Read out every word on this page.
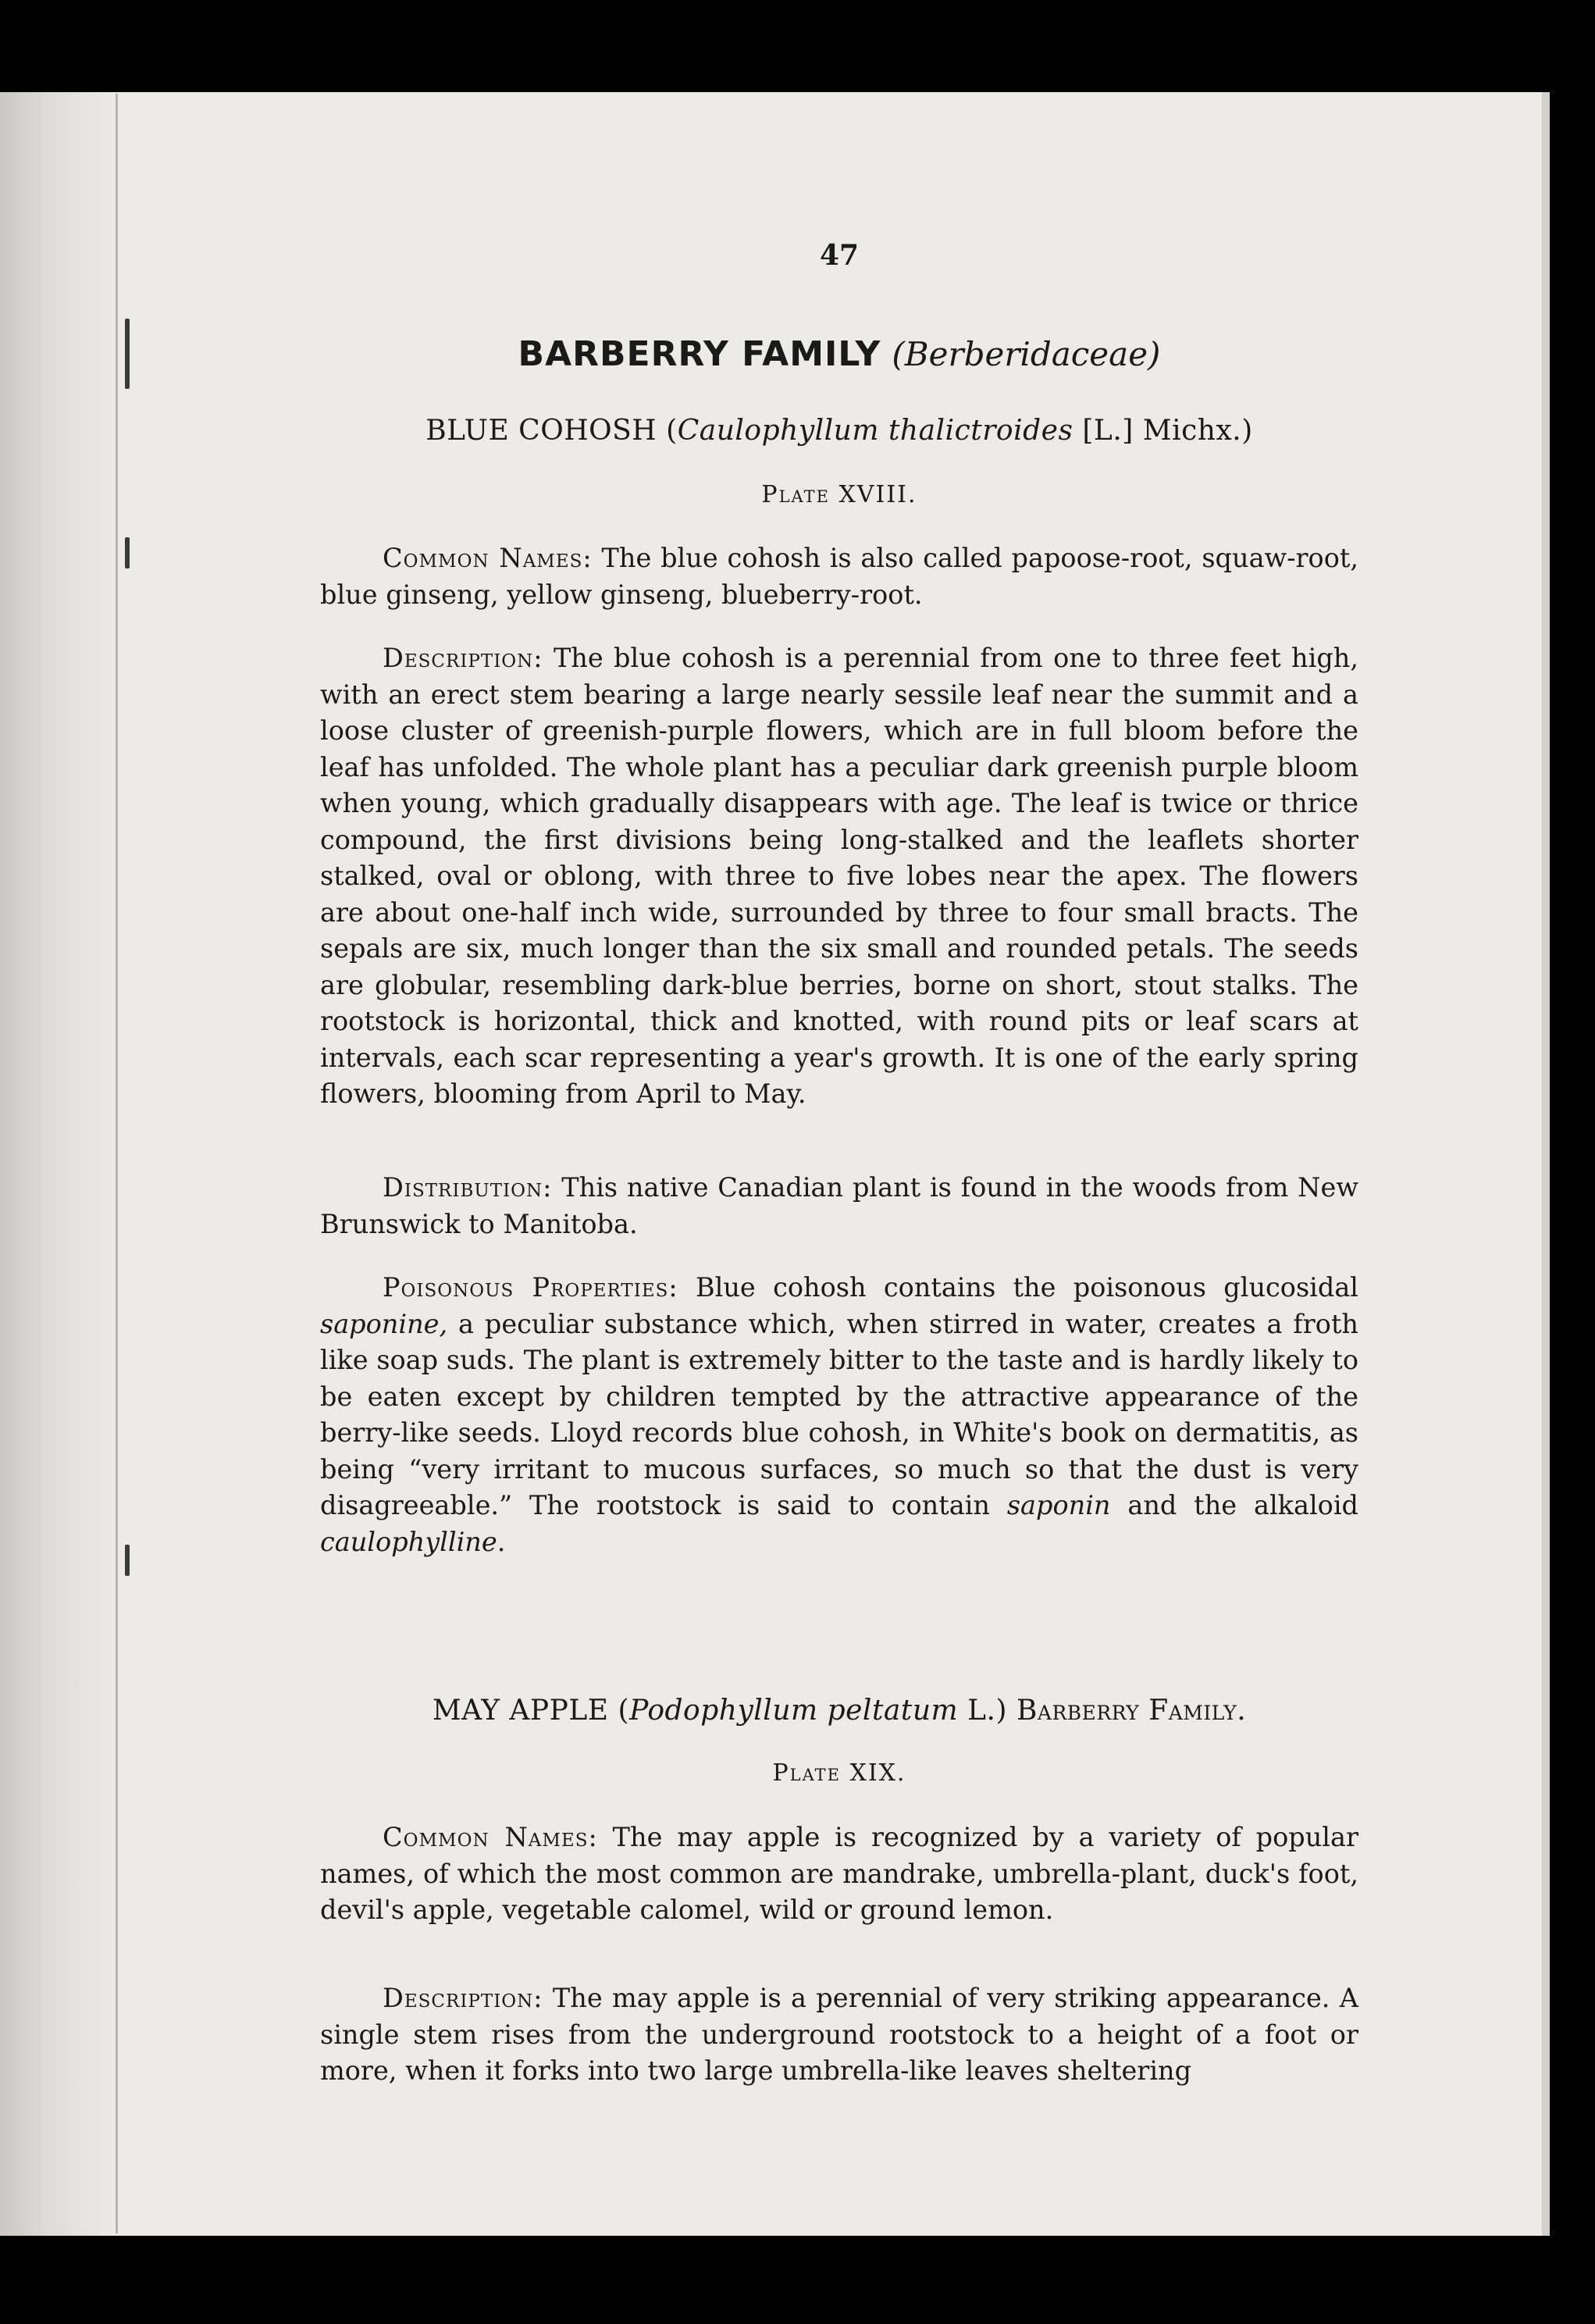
47
BARBERRY FAMILY (Berberidaceae)
BLUE COHOSH (Caulophyllum thalictroides [L.] Michx.)
Plate XVIII.

Common Names: The blue cohosh is also called papoose-root, squaw-root, blue ginseng, yellow ginseng, blueberry-root.

Description: The blue cohosh is a perennial from one to three feet high, with an erect stem bearing a large nearly sessile leaf near the summit and a loose cluster of greenish-purple flowers, which are in full bloom before the leaf has unfolded. The whole plant has a peculiar dark greenish purple bloom when young, which gradually disappears with age. The leaf is twice or thrice compound, the first divisions being long-stalked and the leaflets shorter stalked, oval or oblong, with three to five lobes near the apex. The flowers are about one-half inch wide, surrounded by three to four small bracts. The sepals are six, much longer than the six small and rounded petals. The seeds are globular, resembling dark-blue berries, borne on short, stout stalks. The rootstock is horizontal, thick and knotted, with round pits or leaf scars at intervals, each scar representing a year's growth. It is one of the early spring flowers, blooming from April to May.

Distribution: This native Canadian plant is found in the woods from New Brunswick to Manitoba.

Poisonous Properties: Blue cohosh contains the poisonous glucosidal saponine, a peculiar substance which, when stirred in water, creates a froth like soap suds. The plant is extremely bitter to the taste and is hardly likely to be eaten except by children tempted by the attractive appearance of the berry-like seeds. Lloyd records blue cohosh, in White's book on dermatitis, as being “very irritant to mucous surfaces, so much so that the dust is very disagreeable.” The rootstock is said to contain saponin and the alkaloid caulophylline.

MAY APPLE (Podophyllum peltatum L.) Barberry Family.
Plate XIX.

Common Names: The may apple is recognized by a variety of popular names, of which the most common are mandrake, umbrella-plant, duck's foot, devil's apple, vegetable calomel, wild or ground lemon.

Description: The may apple is a perennial of very striking appearance. A single stem rises from the underground rootstock to a height of a foot or more, when it forks into two large umbrella-like leaves sheltering
